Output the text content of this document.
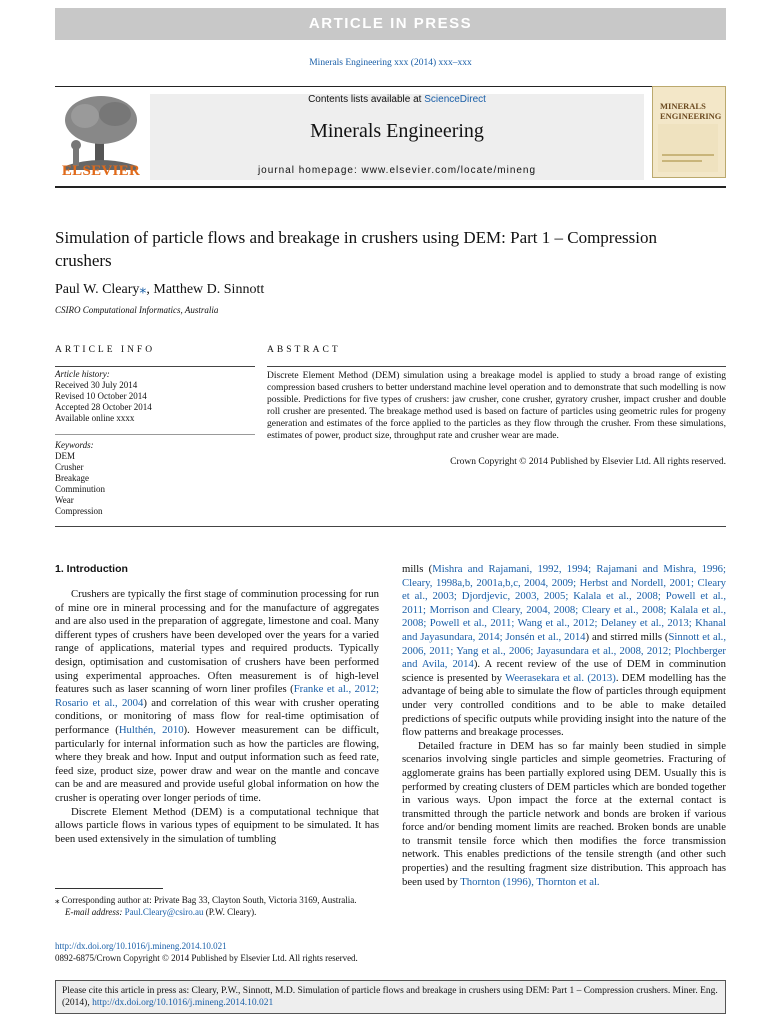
ARTICLE IN PRESS
Minerals Engineering xxx (2014) xxx–xxx
ELSEVIER
Contents lists available at ScienceDirect
Minerals Engineering
journal homepage: www.elsevier.com/locate/mineng
MINERALS
ENGINEERING
Simulation of particle flows and breakage in crushers using DEM: Part 1 – Compression crushers
Paul W. Cleary⁎, Matthew D. Sinnott
CSIRO Computational Informatics, Australia
ARTICLE INFO	ABSTRACT
Article history:
Received 30 July 2014
Revised 10 October 2014
Accepted 28 October 2014
Available online xxxx
Keywords:
DEM
Crusher
Breakage
Comminution
Wear
Compression
Discrete Element Method (DEM) simulation using a breakage model is applied to study a broad range of existing compression based crushers to better understand machine level operation and to demonstrate that such modelling is now possible. Predictions for five types of crushers: jaw crusher, cone crusher, gyratory crusher, impact crusher and double roll crusher are presented. The breakage method used is based on facture of particles using geometric rules for progeny generation and estimates of the force applied to the particles as they flow through the crusher. From these simulations, estimates of power, product size, throughput rate and crusher wear are made.
Crown Copyright © 2014 Published by Elsevier Ltd. All rights reserved.
1. Introduction

Crushers are typically the first stage of comminution processing for run of mine ore in mineral processing and for the manufacture of aggregates and are also used in the preparation of aggregate, limestone and coal. Many different types of crushers have been developed over the years for a varied range of applications, material types and required products. Typically design, optimisation and customisation of crushers have been performed using experimental approaches. Often measurement is of high-level features such as laser scanning of worn liner profiles (Franke et al., 2012; Rosario et al., 2004) and correlation of this wear with crusher operating conditions, or monitoring of mass flow for real-time optimisation of performance (Hulthén, 2010). However measurement can be difficult, particularly for internal information such as how the particles are flowing, where they break and how. Input and output information such as feed rate, feed size, product size, power draw and wear on the mantle and concave can be and are measured and provide useful global information on how the crusher is operating over longer periods of time.

Discrete Element Method (DEM) is a computational technique that allows particle flows in various types of equipment to be simulated. It has been used extensively in the simulation of tumbling

mills (Mishra and Rajamani, 1992, 1994; Rajamani and Mishra, 1996; Cleary, 1998a,b, 2001a,b,c, 2004, 2009; Herbst and Nordell, 2001; Cleary et al., 2003; Djordjevic, 2003, 2005; Kalala et al., 2008; Powell et al., 2011; Morrison and Cleary, 2004, 2008; Cleary et al., 2008; Kalala et al., 2008; Powell et al., 2011; Wang et al., 2012; Delaney et al., 2013; Khanal and Jayasundara, 2014; Jonsén et al., 2014) and stirred mills (Sinnott et al., 2006, 2011; Yang et al., 2006; Jayasundara et al., 2008, 2012; Plochberger and Avila, 2014). A recent review of the use of DEM in comminution science is presented by Weerasekara et al. (2013). DEM modelling has the advantage of being able to simulate the flow of particles through equipment under very controlled conditions and to be able to make detailed predictions of specific outputs while providing insight into the nature of the flow patterns and breakage processes.

Detailed fracture in DEM has so far mainly been studied in simple scenarios involving single particles and simple geometries. Fracturing of agglomerate grains has been partially explored using DEM. Usually this is performed by creating clusters of DEM particles which are bonded together in various ways. Upon impact the force at the external contact is transmitted through the particle network and bonds are broken if various force and/or bending moment limits are reached. Broken bonds are unable to transmit tensile force which then modifies the force transmission network. This enables predictions of the tensile strength (and other such properties) and the resulting fragment size distribution. This approach has been used by Thornton (1996), Thornton et al.

⁎ Corresponding author at: Private Bag 33, Clayton South, Victoria 3169, Australia.
E-mail address: Paul.Cleary@csiro.au (P.W. Cleary).
http://dx.doi.org/10.1016/j.mineng.2014.10.021
0892-6875/Crown Copyright © 2014 Published by Elsevier Ltd. All rights reserved.
Please cite this article in press as: Cleary, P.W., Sinnott, M.D. Simulation of particle flows and breakage in crushers using DEM: Part 1 – Compression crushers. Miner. Eng. (2014), http://dx.doi.org/10.1016/j.mineng.2014.10.021
